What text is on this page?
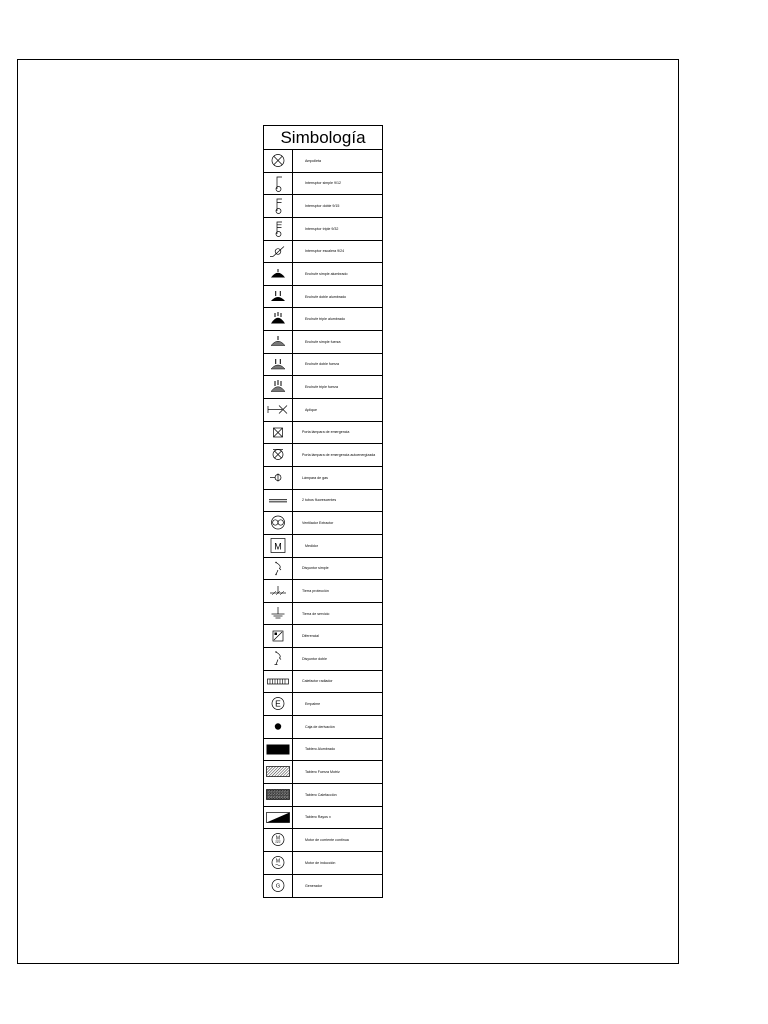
Simbología
Ampolleta
Interruptor simple 9/12
Interruptor doble 9/15
Interruptor triple 9/32
Interruptor escalera 9/24
Enchufe simple alumbrado
Enchufe doble alumbrado
Enchufe triple alumbrado
Enchufe simple fuerza
Enchufe doble fuerza
Enchufe triple fuerza
Aplique
Porta lámpara de emergencia
Porta lámpara de emergencia autoenergizada
Lámpara de gas
2 tubos fluorescentes
Ventilador Extractor
M	Medidor
Disyuntor simple
Tierra protección
Tierra de servicio
Diferencial
Disyuntor doble
Calefactor radiador
E	Empalme
Caja de derivación
Tablero Alumbrado
Tablero Fuerza Motriz
Tablero Calefacción
Tablero Rayos x
M	Motor de corriente continua
M	Motor de inducción
G	Generador
